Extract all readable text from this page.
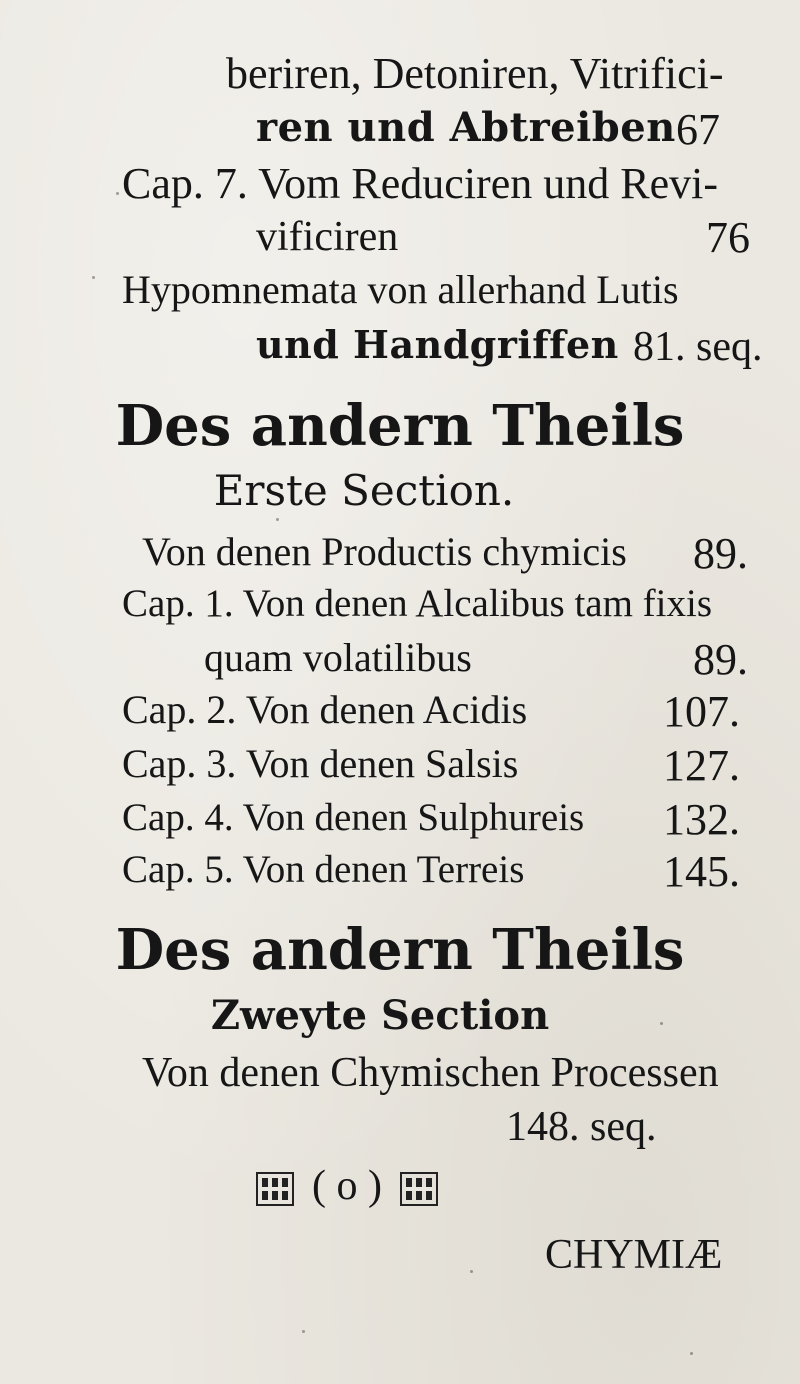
beriren, Detoniren, Vitrifici-
ren und Abtreiben 67
Cap. 7. Vom Reduciren und Revi-
vificiren	76
Hypomnemata von allerhand Lutis
und Handgriffen 81. seq.
Des andern Theils
Erste Section.
Von denen Productis chymicis 89.
Cap. 1. Von denen Alcalibus tam fixis
quam volatilibus	89.
Cap. 2. Von denen Acidis	107.
Cap. 3. Von denen Salsis	127.
Cap. 4. Von denen Sulphureis 132.
Cap. 5. Von denen Terreis	145.
Des andern Theils
Zweyte Section
Von denen Chymischen Processen
148. seq.
( o )
CHYMIÆ
